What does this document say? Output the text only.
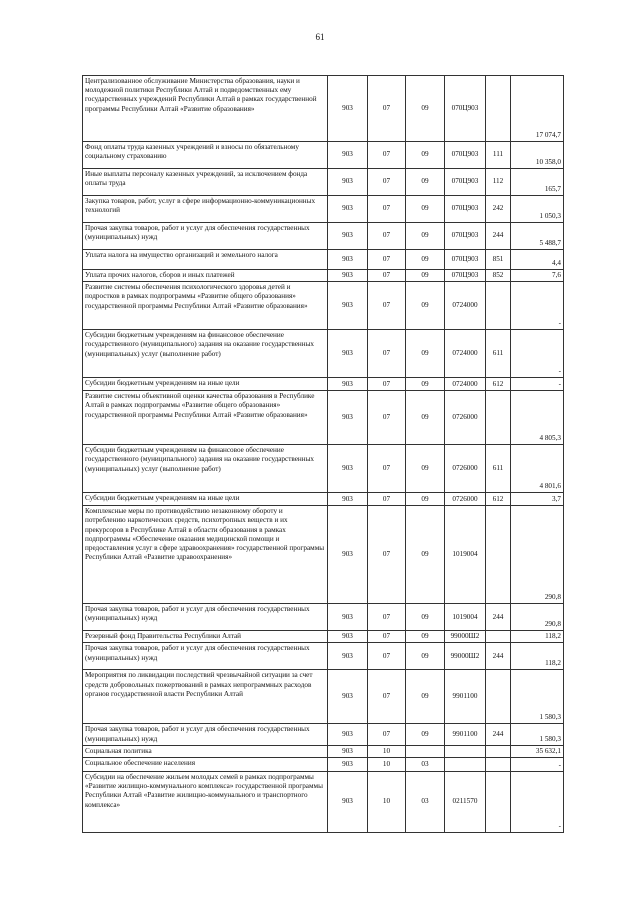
61
Централизованное обслуживание Министерства образования, науки и молодежной политики Республики Алтай и подведомственных ему государственных учреждений Республики Алтай в рамках государственной программы Республики Алтай «Развитие образования»	903	07	09	070Ц903		17 074,7
Фонд оплаты труда казенных учреждений и взносы по обязательному социальному страхованию	903	07	09	070Ц903	111	10 358,0
Иные выплаты персоналу казенных учреждений, за исключением фонда оплаты труда	903	07	09	070Ц903	112	165,7
Закупка товаров, работ, услуг в сфере информационно-коммуникационных технологий	903	07	09	070Ц903	242	1 050,3
Прочая закупка товаров, работ и услуг для обеспечения государственных (муниципальных) нужд	903	07	09	070Ц903	244	5 488,7
Уплата налога на имущество организаций и земельного налога	903	07	09	070Ц903	851	4,4
Уплата прочих налогов, сборов и иных платежей	903	07	09	070Ц903	852	7,6
Развитие системы обеспечения психологического здоровья детей и подростков в рамках подпрограммы «Развитие общего образования» государственной программы Республики Алтай «Развитие образования»	903	07	09	0724000		-
Субсидии бюджетным учреждениям на финансовое обеспечение государственного (муниципального) задания на оказание государственных (муниципальных) услуг (выполнение работ)	903	07	09	0724000	611	-
Субсидии бюджетным учреждениям на иные цели	903	07	09	0724000	612	-
Развитие системы объективной оценки качества образования в Республике Алтай в рамках подпрограммы «Развитие общего образования» государственной программы Республики Алтай «Развитие образования»	903	07	09	0726000		4 805,3
Субсидии бюджетным учреждениям на финансовое обеспечение государственного (муниципального) задания на оказание государственных (муниципальных) услуг (выполнение работ)	903	07	09	0726000	611	4 801,6
Субсидии бюджетным учреждениям на иные цели	903	07	09	0726000	612	3,7
Комплексные меры по противодействию незаконному обороту и потреблению наркотических средств, психотропных веществ и их прекурсоров в Республике Алтай в области образования в рамках подпрограммы «Обеспечение оказания медицинской помощи и предоставления услуг в сфере здравоохранения» государственной программы Республики Алтай «Развитие здравоохранения»	903	07	09	1019004		290,8
Прочая закупка товаров, работ и услуг для обеспечения государственных (муниципальных) нужд	903	07	09	1019004	244	290,8
Резервный фонд Правительства Республики Алтай	903	07	09	99000Ш2		118,2
Прочая закупка товаров, работ и услуг для обеспечения государственных (муниципальных) нужд	903	07	09	99000Ш2	244	118,2
Мероприятия по ликвидации последствий чрезвычайной ситуации за счет средств добровольных пожертвований в рамках непрограммных расходов органов государственной власти Республики Алтай	903	07	09	9901100		1 580,3
Прочая закупка товаров, работ и услуг для обеспечения государственных (муниципальных) нужд	903	07	09	9901100	244	1 580,3
Социальная политика	903	10				35 632,1
Социальное обеспечение населения	903	10	03			-
Субсидии на обеспечение жильем молодых семей в рамках подпрограммы «Развитие жилищно-коммунального комплекса» государственной программы Республики Алтай «Развитие жилищно-коммунального и транспортного комплекса»	903	10	03	0211570		-
